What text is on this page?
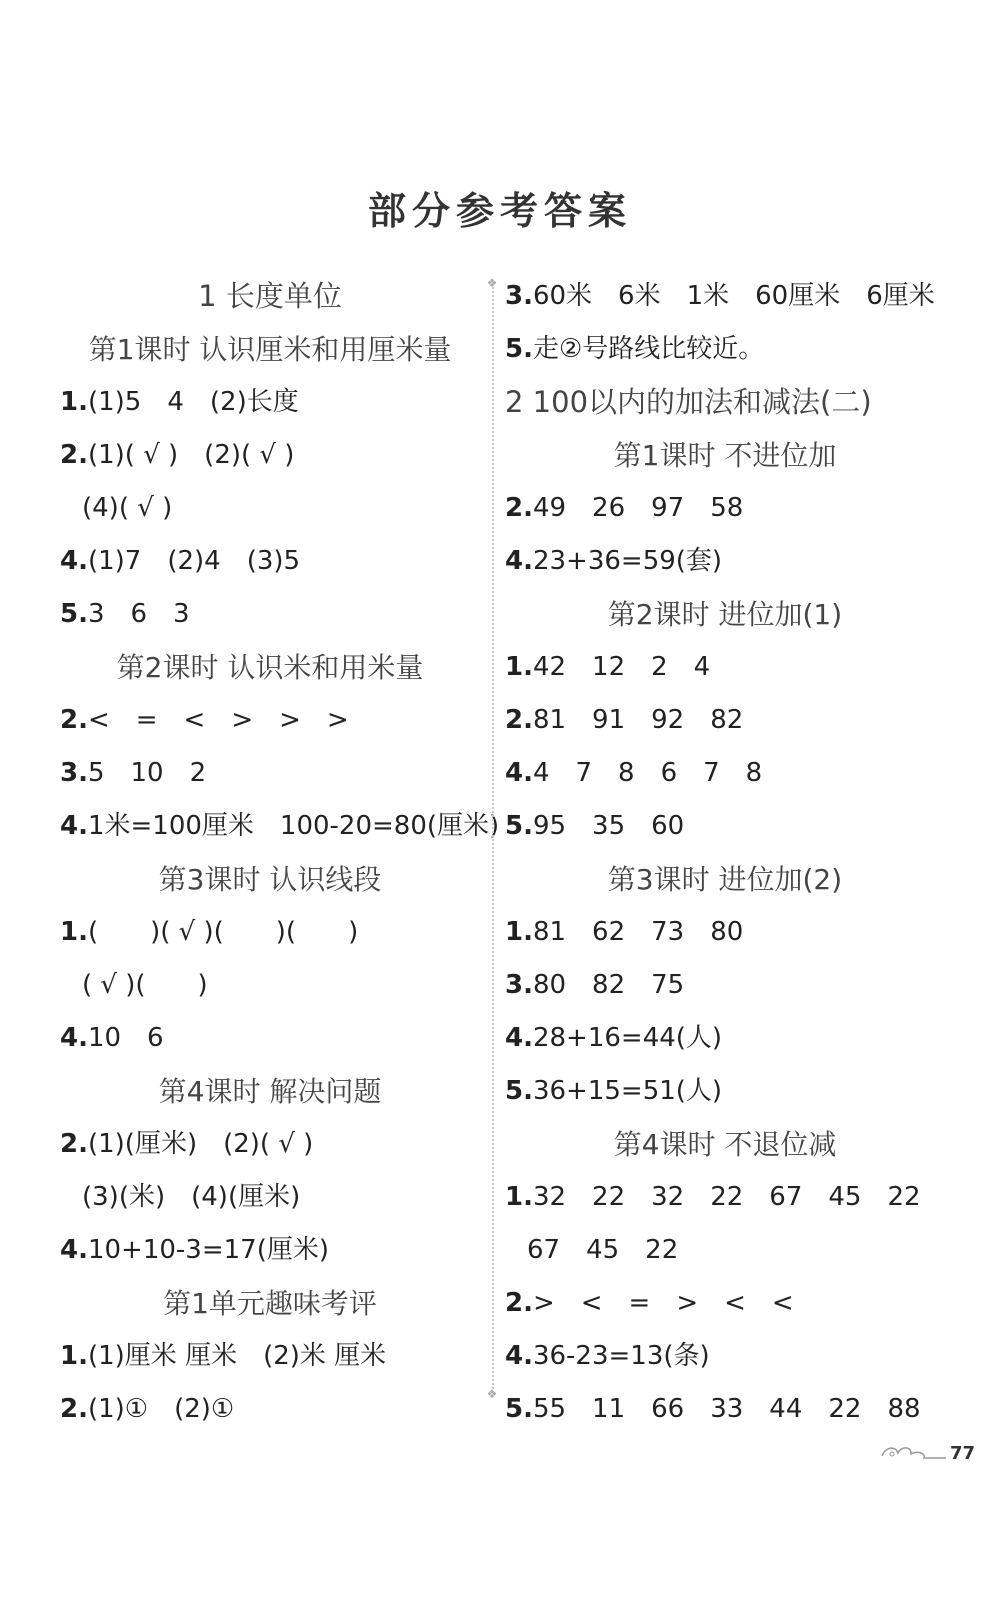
部分参考答案
1 长度单位
第1课时 认识厘米和用厘米量
1.(1)5　4　(2)长度
2.(1)( √ )　(2)( √ )
(4)( √ )
4.(1)7　(2)4　(3)5
5.3　6　3
第2课时 认识米和用米量
2.<　=　<　>　>　>
3.5　10　2
4.1米=100厘米　100-20=80(厘米)
第3课时 认识线段
1.(　　)( √ )(　　)(　　)
( √ )(　　)
4.10　6
第4课时 解决问题
2.(1)(厘米)　(2)( √ )
(3)(米)　(4)(厘米)
4.10+10-3=17(厘米)
第1单元趣味考评
1.(1)厘米 厘米　(2)米 厘米
2.(1)①　(2)①
❖
❖
3.60米　6米　1米　60厘米　6厘米
5.走②号路线比较近。
2 100以内的加法和减法(二)
第1课时 不进位加
2.49　26　97　58
4.23+36=59(套)
第2课时 进位加(1)
1.42　12　2　4
2.81　91　92　82
4.4　7　8　6　7　8
5.95　35　60
第3课时 进位加(2)
1.81　62　73　80
3.80　82　75
4.28+16=44(人)
5.36+15=51(人)
第4课时 不退位减
1.32　22　32　22　67　45　22
67　45　22
2.>　<　=　>　<　<
4.36-23=13(条)
5.55　11　66　33　44　22　88
77
